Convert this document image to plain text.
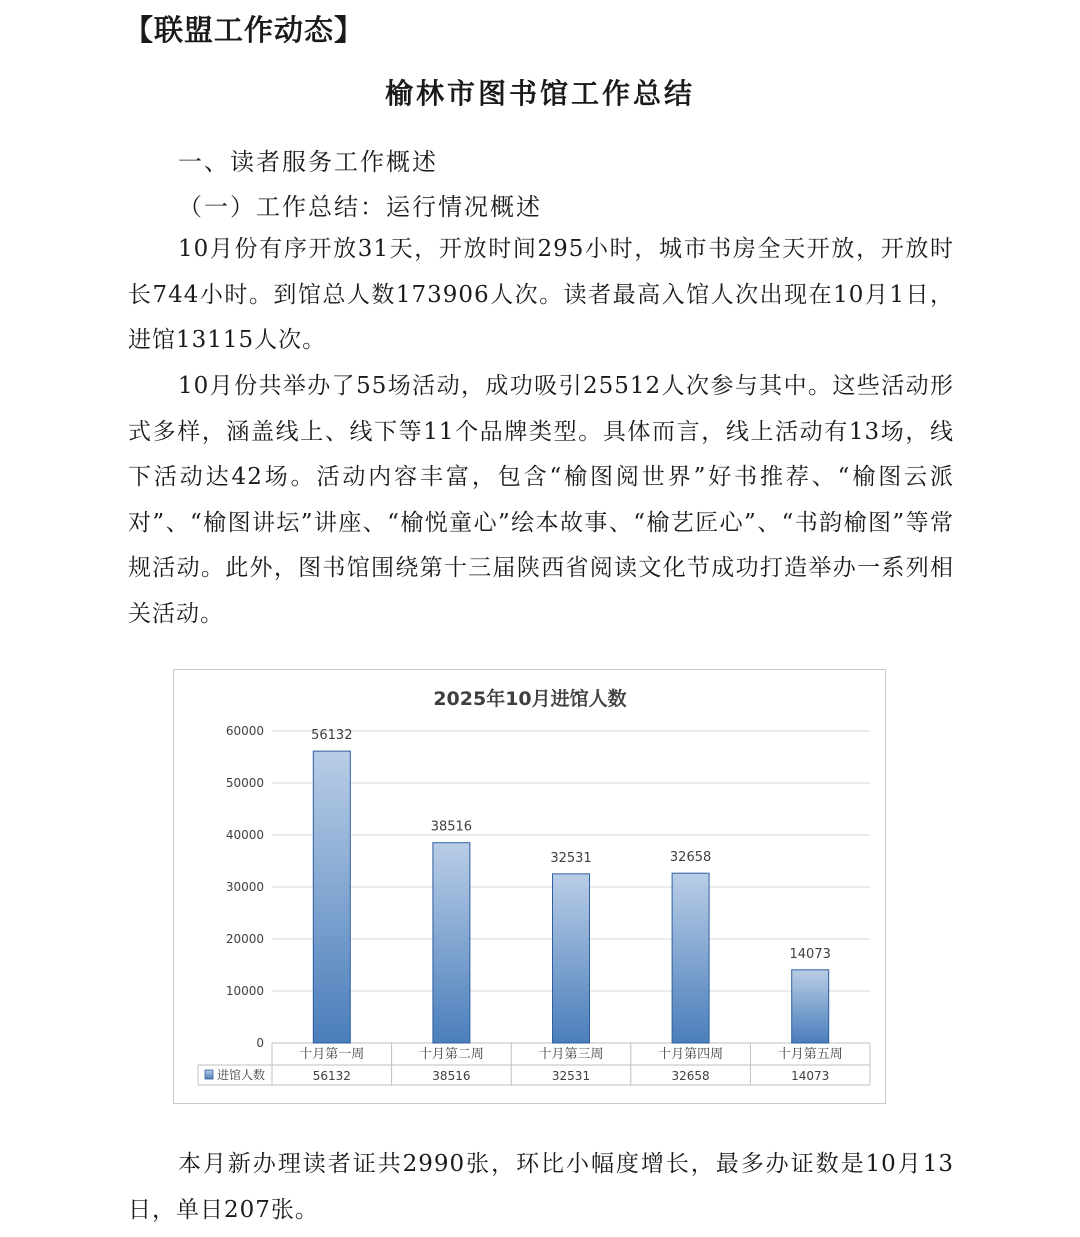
【联盟工作动态】
榆林市图书馆工作总结
一、读者服务工作概述
（一）工作总结：运行情况概述
10月份有序开放31天，开放时间295小时，城市书房全天开放，开放时长744小时。到馆总人数173906人次。读者最高入馆人次出现在10月1日，进馆13115人次。
10月份共举办了55场活动，成功吸引25512人次参与其中。这些活动形式多样，涵盖线上、线下等11个品牌类型。具体而言，线上活动有13场，线下活动达42场。活动内容丰富，包含“榆图阅世界”好书推荐、“榆图云派对”、“榆图讲坛”讲座、“榆悦童心”绘本故事、“榆艺匠心”、“书韵榆图”等常规活动。此外，图书馆围绕第十三届陕西省阅读文化节成功打造举办一系列相关活动。
2025年10月进馆人数
0
10000
20000
30000
40000
50000
60000	56132
38516
32531	32658
14073
进馆人数
十月第一周
56132
十月第二周
38516
十月第三周
32531
十月第四周
32658
十月第五周
14073
本月新办理读者证共2990张，环比小幅度增长，最多办证数是10月13日，单日207张。
